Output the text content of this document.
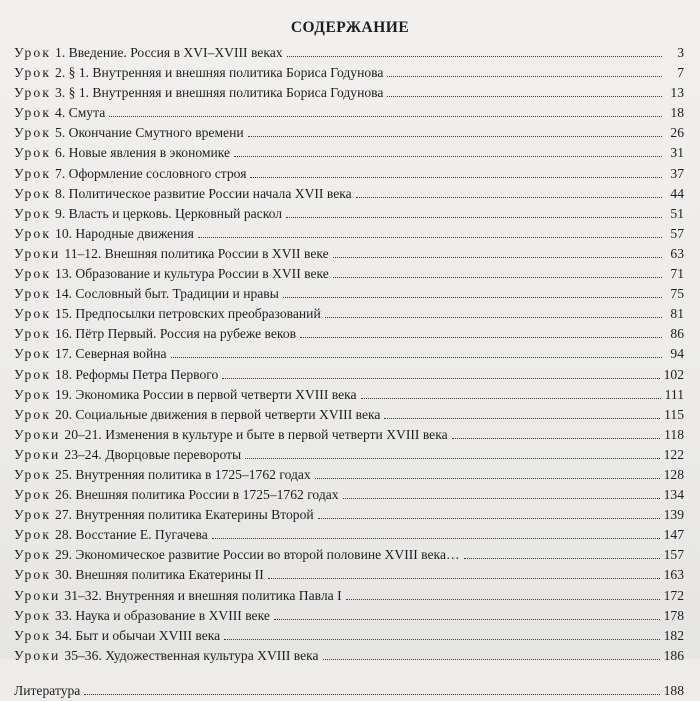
СОДЕРЖАНИЕ
Урок 1. Введение. Россия в XVI–XVIII веках	3
Урок 2. § 1. Внутренняя и внешняя политика Бориса Годунова	7
Урок 3. § 1. Внутренняя и внешняя политика Бориса Годунова	13
Урок 4. Смута	18
Урок 5. Окончание Смутного времени	26
Урок 6. Новые явления в экономике	31
Урок 7. Оформление сословного строя	37
Урок 8. Политическое развитие России начала XVII века	44
Урок 9. Власть и церковь. Церковный раскол	51
Урок 10. Народные движения	57
Уроки 11–12. Внешняя политика России в XVII веке	63
Урок 13. Образование и культура России в XVII веке	71
Урок 14. Сословный быт. Традиции и нравы	75
Урок 15. Предпосылки петровских преобразований	81
Урок 16. Пётр Первый. Россия на рубеже веков	86
Урок 17. Северная война	94
Урок 18. Реформы Петра Первого	102
Урок 19. Экономика России в первой четверти XVIII века	111
Урок 20. Социальные движения в первой четверти XVIII века	115
Уроки 20–21. Изменения в культуре и быте в первой четверти XVIII века	118
Уроки 23–24. Дворцовые перевороты	122
Урок 25. Внутренняя политика в 1725–1762 годах	128
Урок 26. Внешняя политика России в 1725–1762 годах	134
Урок 27. Внутренняя политика Екатерины Второй	139
Урок 28. Восстание Е. Пугачева	147
Урок 29. Экономическое развитие России во второй половине XVIII века…	157
Урок 30. Внешняя политика Екатерины II	163
Уроки 31–32. Внутренняя и внешняя политика Павла I	172
Урок 33. Наука и образование в XVIII веке	178
Урок 34. Быт и обычаи XVIII века	182
Уроки 35–36. Художественная культура XVIII века	186
Литература	188
